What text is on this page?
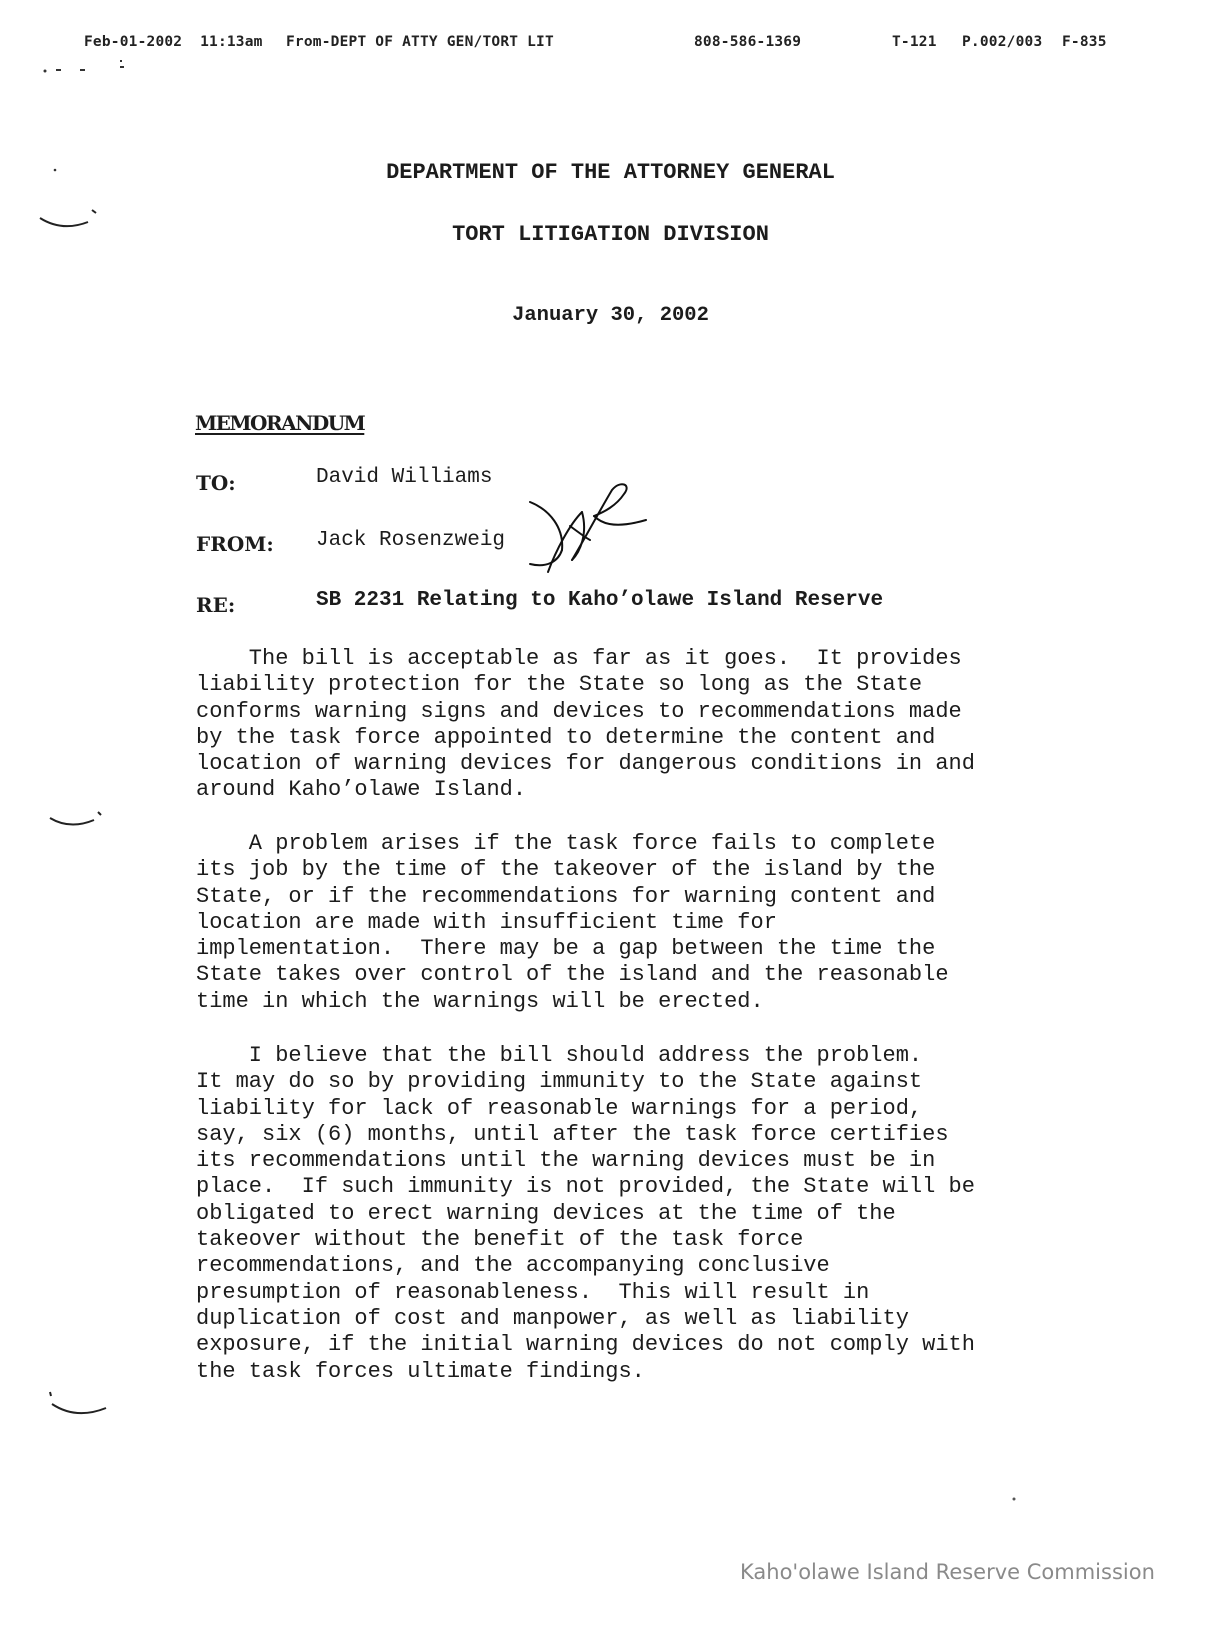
Feb-01-2002  11:13am From-DEPT OF ATTY GEN/TORT LIT	808-586-1369	T-121 P.002/003 F-835
DEPARTMENT OF THE ATTORNEY GENERAL
TORT LITIGATION DIVISION
January 30, 2002
MEMORANDUM
TO:	David Williams
FROM: Jack Rosenzweig
RE:	SB 2231 Relating to Kaho’olawe Island Reserve
The bill is acceptable as far as it goes.  It provides
liability protection for the State so long as the State
conforms warning signs and devices to recommendations made
by the task force appointed to determine the content and
location of warning devices for dangerous conditions in and
around Kaho’olawe Island.
A problem arises if the task force fails to complete
its job by the time of the takeover of the island by the
State, or if the recommendations for warning content and
location are made with insufficient time for
implementation.  There may be a gap between the time the
State takes over control of the island and the reasonable
time in which the warnings will be erected.
I believe that the bill should address the problem.
It may do so by providing immunity to the State against
liability for lack of reasonable warnings for a period,
say, six (6) months, until after the task force certifies
its recommendations until the warning devices must be in
place.  If such immunity is not provided, the State will be
obligated to erect warning devices at the time of the
takeover without the benefit of the task force
recommendations, and the accompanying conclusive
presumption of reasonableness.  This will result in
duplication of cost and manpower, as well as liability
exposure, if the initial warning devices do not comply with
the task forces ultimate findings.
Kaho'olawe Island Reserve Commission
